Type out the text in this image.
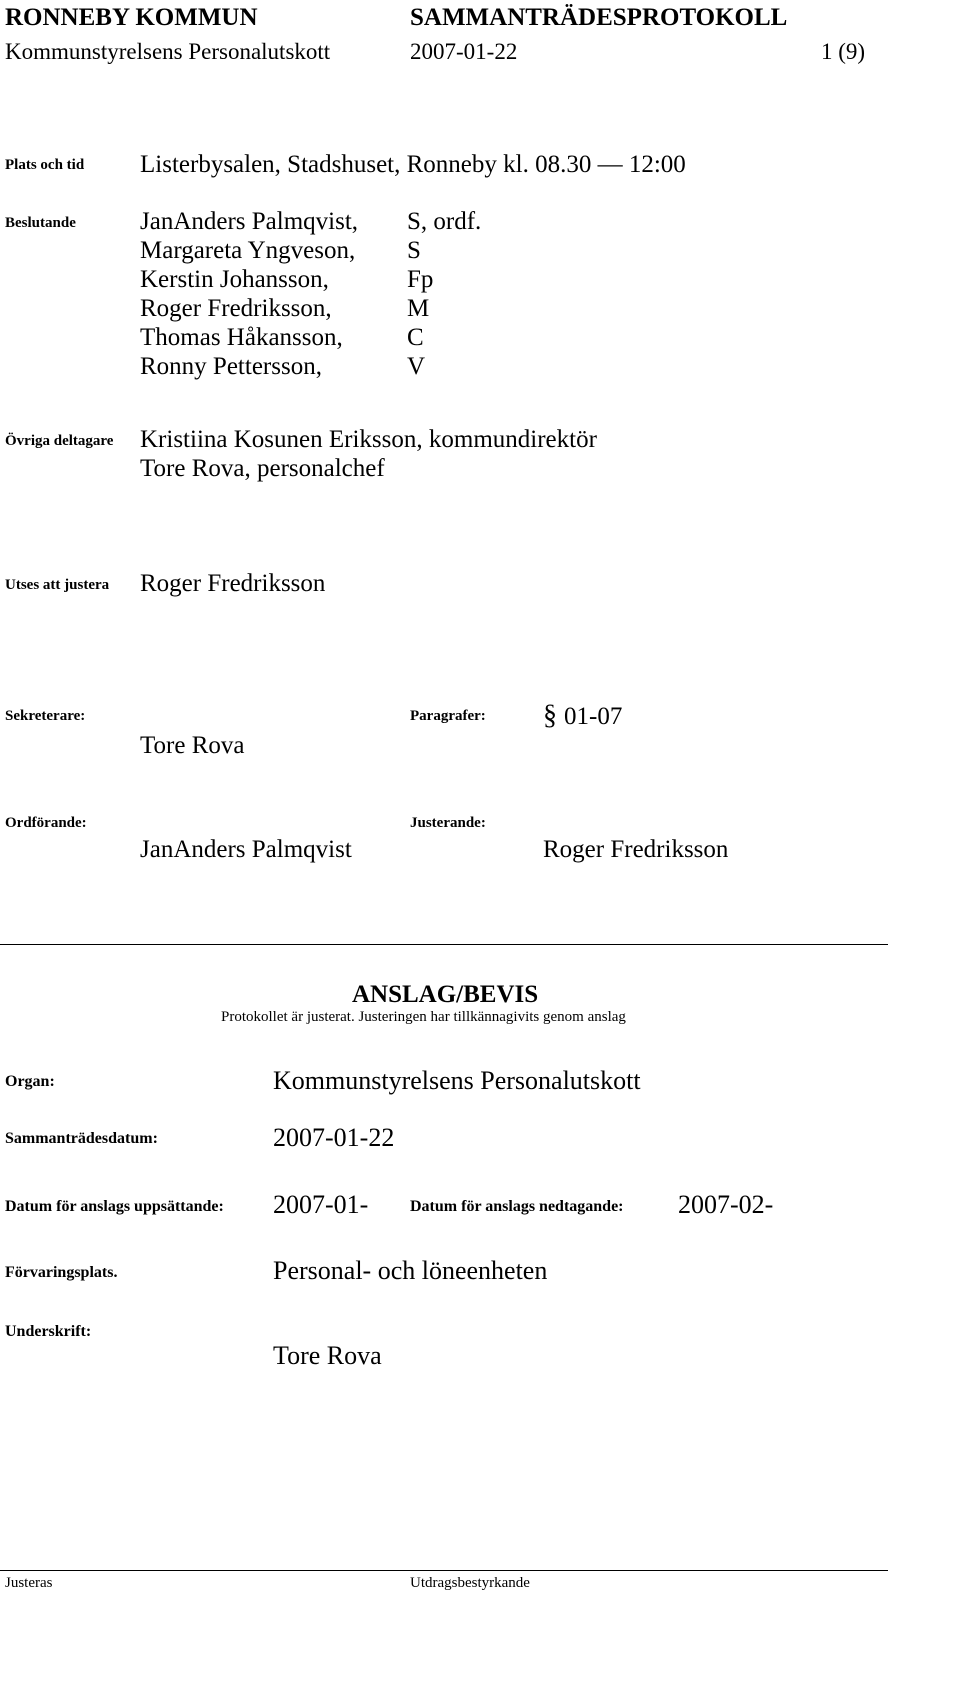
RONNEBY KOMMUN	SAMMANTRÄDESPROTOKOLL
Kommunstyrelsens Personalutskott	2007-01-22	1 (9)
Plats och tid Listerbysalen, Stadshuset, Ronneby kl. 08.30 — 12:00
Beslutande	JanAnders Palmqvist, S, ordf.
Margareta Yngveson, S
Kerstin Johansson,	Fp
Roger Fredriksson,	M
Thomas Håkansson,	C
Ronny Pettersson,	V
Övriga deltagare Kristiina Kosunen Eriksson, kommundirektör
Tore Rova, personalchef
Utses att justera Roger Fredriksson
Sekreterare:
Tore Rova
Paragrafer: § 01-07
Ordförande:
JanAnders Palmqvist
Justerande:
Roger Fredriksson
ANSLAG/BEVIS
Protokollet är justerat. Justeringen har tillkännagivits genom anslag
Organ:	Kommunstyrelsens Personalutskott
Sammanträdesdatum:	2007-01-22
Datum för anslags uppsättande: 2007-01-	Datum för anslags nedtagande: 2007-02-
Förvaringsplats.	Personal- och löneenheten
Underskrift:
Tore Rova
Justeras	Utdragsbestyrkande
